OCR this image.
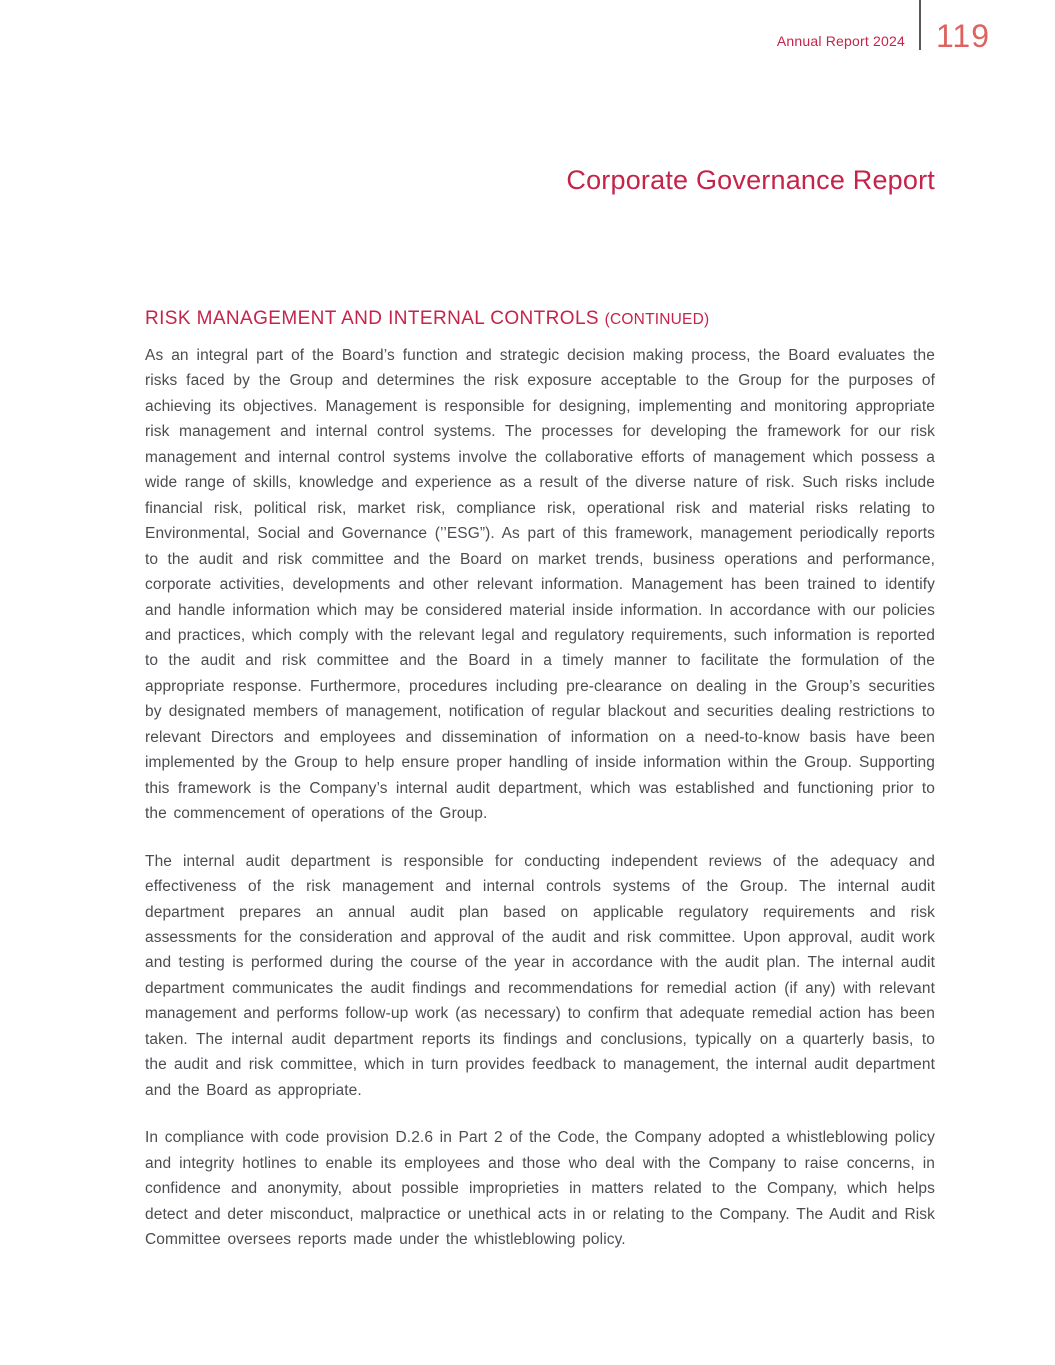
Annual Report 2024 119
Corporate Governance Report
RISK MANAGEMENT AND INTERNAL CONTROLS (CONTINUED)

As an integral part of the Board’s function and strategic decision making process, the Board evaluates the risks faced by the Group and determines the risk exposure acceptable to the Group for the purposes of achieving its objectives. Management is responsible for designing, implementing and monitoring appropriate risk management and internal control systems. The processes for developing the framework for our risk management and internal control systems involve the collaborative efforts of management which possess a wide range of skills, knowledge and experience as a result of the diverse nature of risk. Such risks include financial risk, political risk, market risk, compliance risk, operational risk and material risks relating to Environmental, Social and Governance (’’ESG”). As part of this framework, management periodically reports to the audit and risk committee and the Board on market trends, business operations and performance, corporate activities, developments and other relevant information. Management has been trained to identify and handle information which may be considered material inside information. In accordance with our policies and practices, which comply with the relevant legal and regulatory requirements, such information is reported to the audit and risk committee and the Board in a timely manner to facilitate the formulation of the appropriate response. Furthermore, procedures including pre-clearance on dealing in the Group’s securities by designated members of management, notification of regular blackout and securities dealing restrictions to relevant Directors and employees and dissemination of information on a need-to-know basis have been implemented by the Group to help ensure proper handling of inside information within the Group. Supporting this framework is the Company’s internal audit department, which was established and functioning prior to the commencement of operations of the Group.

The internal audit department is responsible for conducting independent reviews of the adequacy and effectiveness of the risk management and internal controls systems of the Group. The internal audit department prepares an annual audit plan based on applicable regulatory requirements and risk assessments for the consideration and approval of the audit and risk committee. Upon approval, audit work and testing is performed during the course of the year in accordance with the audit plan. The internal audit department communicates the audit findings and recommendations for remedial action (if any) with relevant management and performs follow-up work (as necessary) to confirm that adequate remedial action has been taken. The internal audit department reports its findings and conclusions, typically on a quarterly basis, to the audit and risk committee, which in turn provides feedback to management, the internal audit department and the Board as appropriate.

In compliance with code provision D.2.6 in Part 2 of the Code, the Company adopted a whistleblowing policy and integrity hotlines to enable its employees and those who deal with the Company to raise concerns, in confidence and anonymity, about possible improprieties in matters related to the Company, which helps detect and deter misconduct, malpractice or unethical acts in or relating to the Company. The Audit and Risk Committee oversees reports made under the whistleblowing policy.
